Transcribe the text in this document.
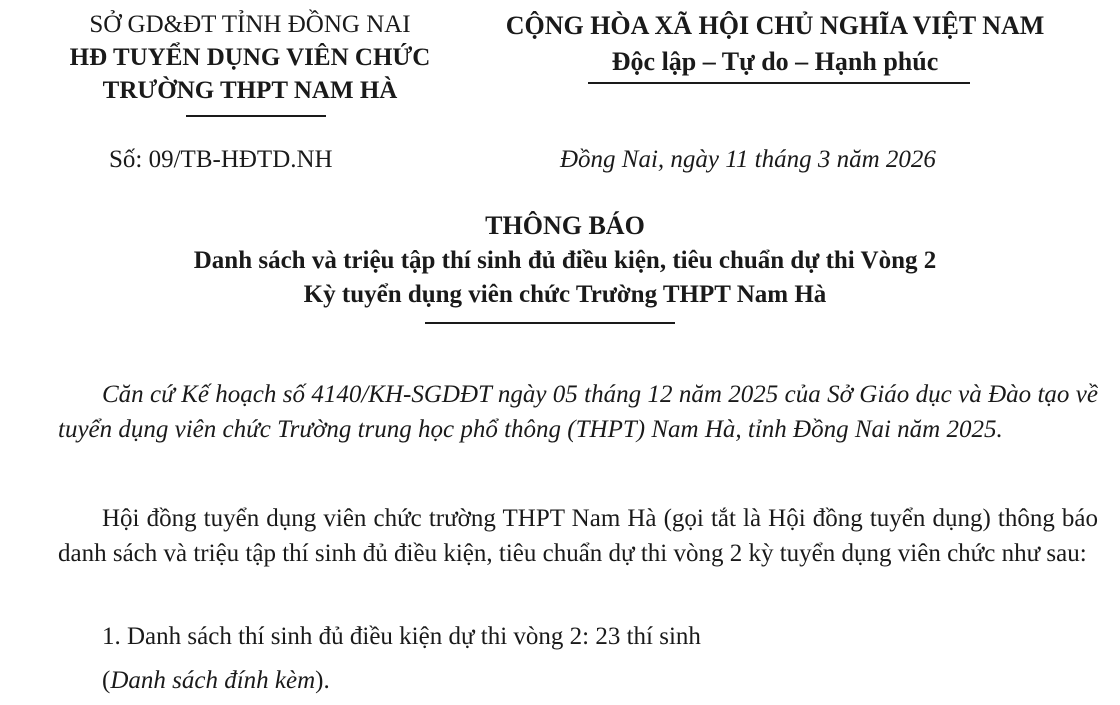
SỞ GD&ĐT TỈNH ĐỒNG NAI
HĐ TUYỂN DỤNG VIÊN CHỨC
TRƯỜNG THPT NAM HÀ
CỘNG HÒA XÃ HỘI CHỦ NGHĨA VIỆT NAM
Độc lập – Tự do – Hạnh phúc
Số: 09/TB-HĐTD.NH	Đồng Nai, ngày 11 tháng 3 năm 2026
THÔNG BÁO
Danh sách và triệu tập thí sinh đủ điều kiện, tiêu chuẩn dự thi Vòng 2
Kỳ tuyển dụng viên chức Trường THPT Nam Hà
Căn cứ Kế hoạch số 4140/KH-SGDĐT ngày 05 tháng 12 năm 2025 của Sở Giáo dục và Đào tạo về tuyển dụng viên chức Trường trung học phổ thông (THPT) Nam Hà, tỉnh Đồng Nai năm 2025.
Hội đồng tuyển dụng viên chức trường THPT Nam Hà (gọi tắt là Hội đồng tuyển dụng) thông báo danh sách và triệu tập thí sinh đủ điều kiện, tiêu chuẩn dự thi vòng 2 kỳ tuyển dụng viên chức như sau:
1. Danh sách thí sinh đủ điều kiện dự thi vòng 2: 23 thí sinh
(Danh sách đính kèm).
